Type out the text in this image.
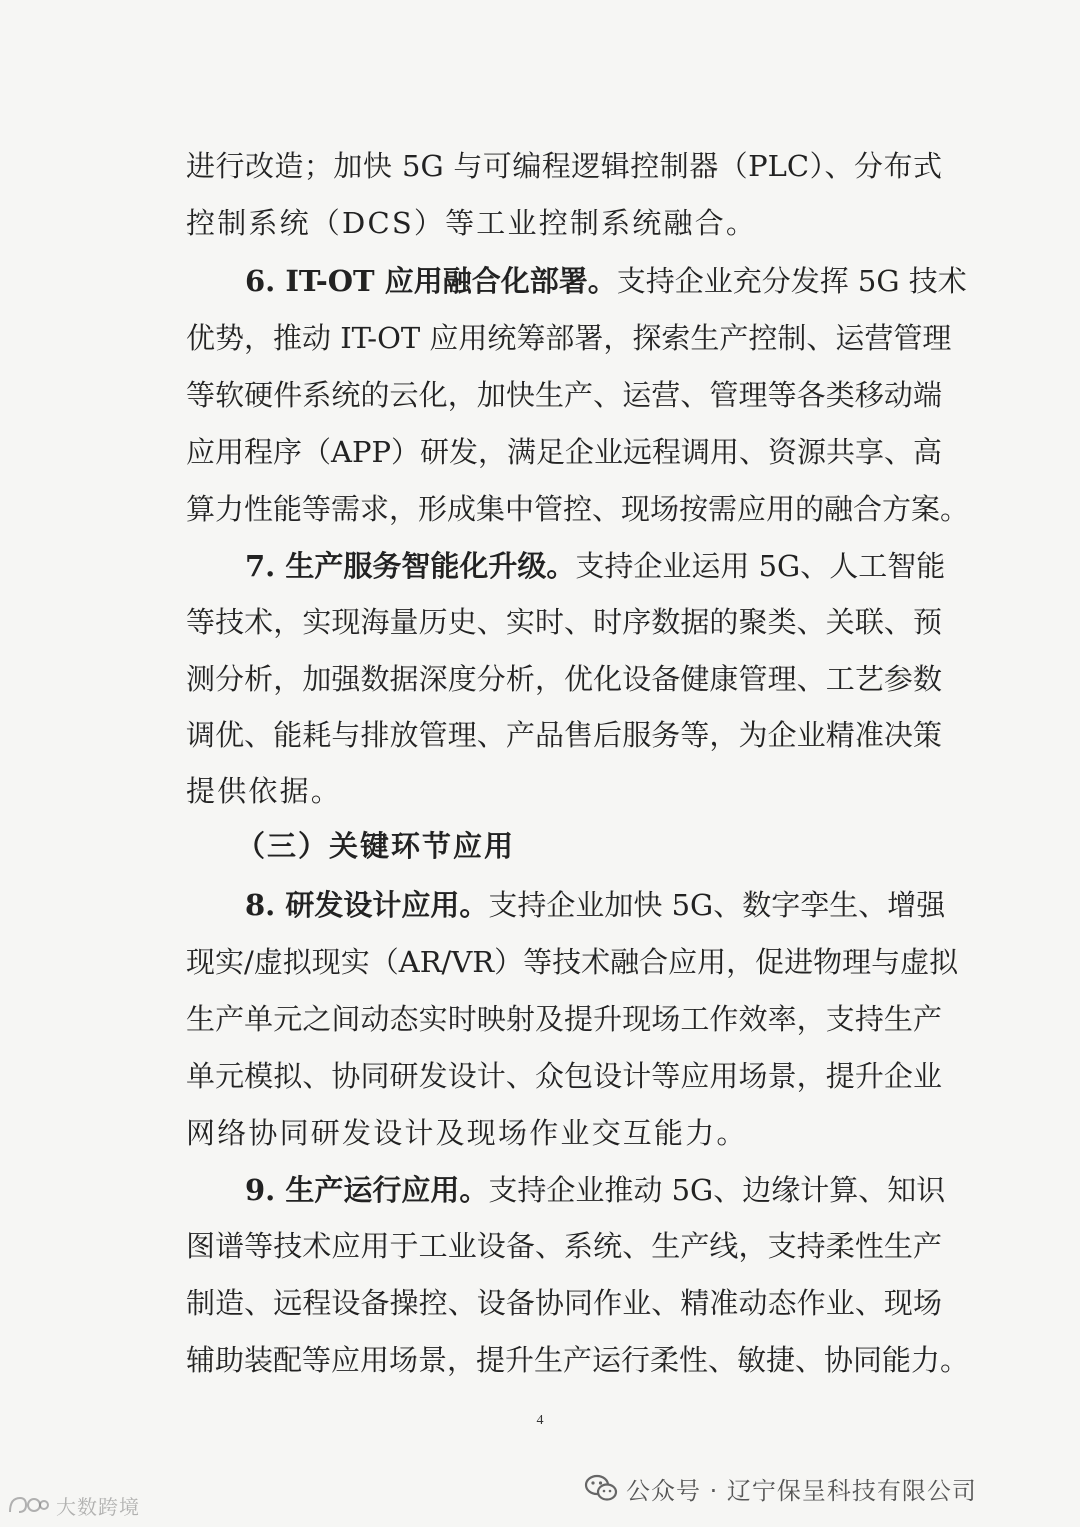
进行改造；加快 5G 与可编程逻辑控制器（PLC）、分布式
控制系统（DCS）等工业控制系统融合。
6. IT-OT 应用融合化部署。支持企业充分发挥 5G 技术
优势，推动 IT-OT 应用统筹部署，探索生产控制、运营管理
等软硬件系统的云化，加快生产、运营、管理等各类移动端
应用程序（APP）研发，满足企业远程调用、资源共享、高
算力性能等需求，形成集中管控、现场按需应用的融合方案。
7. 生产服务智能化升级。支持企业运用 5G、人工智能
等技术，实现海量历史、实时、时序数据的聚类、关联、预
测分析，加强数据深度分析，优化设备健康管理、工艺参数
调优、能耗与排放管理、产品售后服务等，为企业精准决策
提供依据。
（三）关键环节应用
8. 研发设计应用。支持企业加快 5G、数字孪生、增强
现实/虚拟现实（AR/VR）等技术融合应用，促进物理与虚拟
生产单元之间动态实时映射及提升现场工作效率，支持生产
单元模拟、协同研发设计、众包设计等应用场景，提升企业
网络协同研发设计及现场作业交互能力。
9. 生产运行应用。支持企业推动 5G、边缘计算、知识
图谱等技术应用于工业设备、系统、生产线，支持柔性生产
制造、远程设备操控、设备协同作业、精准动态作业、现场
辅助装配等应用场景，提升生产运行柔性、敏捷、协同能力。
4
公众号 · 辽宁保呈科技有限公司
大数跨境
